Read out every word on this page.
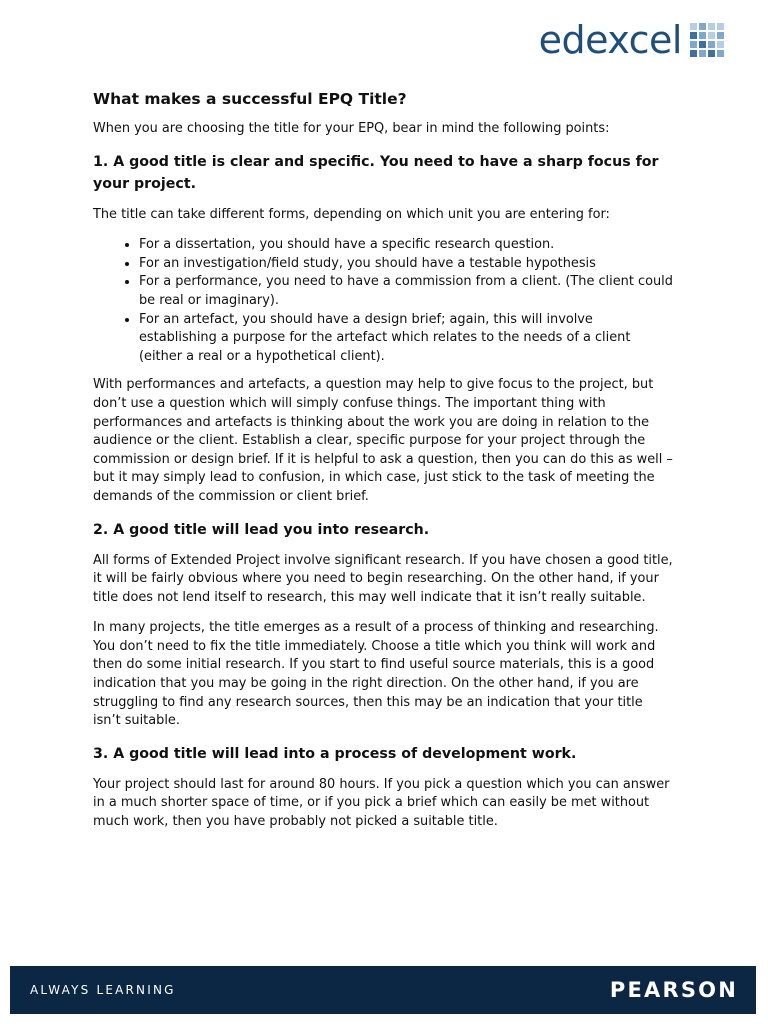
edexcel
What makes a successful EPQ Title?

When you are choosing the title for your EPQ, bear in mind the following points:

1. A good title is clear and specific. You need to have a sharp focus for your project.

The title can take different forms, depending on which unit you are entering for:

• For a dissertation, you should have a specific research question.
• For an investigation/field study, you should have a testable hypothesis
• For a performance, you need to have a commission from a client. (The client could be real or imaginary).
• For an artefact, you should have a design brief; again, this will involve establishing a purpose for the artefact which relates to the needs of a client (either a real or a hypothetical client).

With performances and artefacts, a question may help to give focus to the project, but don’t use a question which will simply confuse things. The important thing with performances and artefacts is thinking about the work you are doing in relation to the audience or the client. Establish a clear, specific purpose for your project through the commission or design brief. If it is helpful to ask a question, then you can do this as well – but it may simply lead to confusion, in which case, just stick to the task of meeting the demands of the commission or client brief.

2. A good title will lead you into research.

All forms of Extended Project involve significant research. If you have chosen a good title, it will be fairly obvious where you need to begin researching. On the other hand, if your title does not lend itself to research, this may well indicate that it isn’t really suitable.

In many projects, the title emerges as a result of a process of thinking and researching. You don’t need to fix the title immediately. Choose a title which you think will work and then do some initial research. If you start to find useful source materials, this is a good indication that you may be going in the right direction. On the other hand, if you are struggling to find any research sources, then this may be an indication that your title isn’t suitable.

3. A good title will lead into a process of development work.

Your project should last for around 80 hours. If you pick a question which you can answer in a much shorter space of time, or if you pick a brief which can easily be met without much work, then you have probably not picked a suitable title.

ALWAYS LEARNING	PEARSON
